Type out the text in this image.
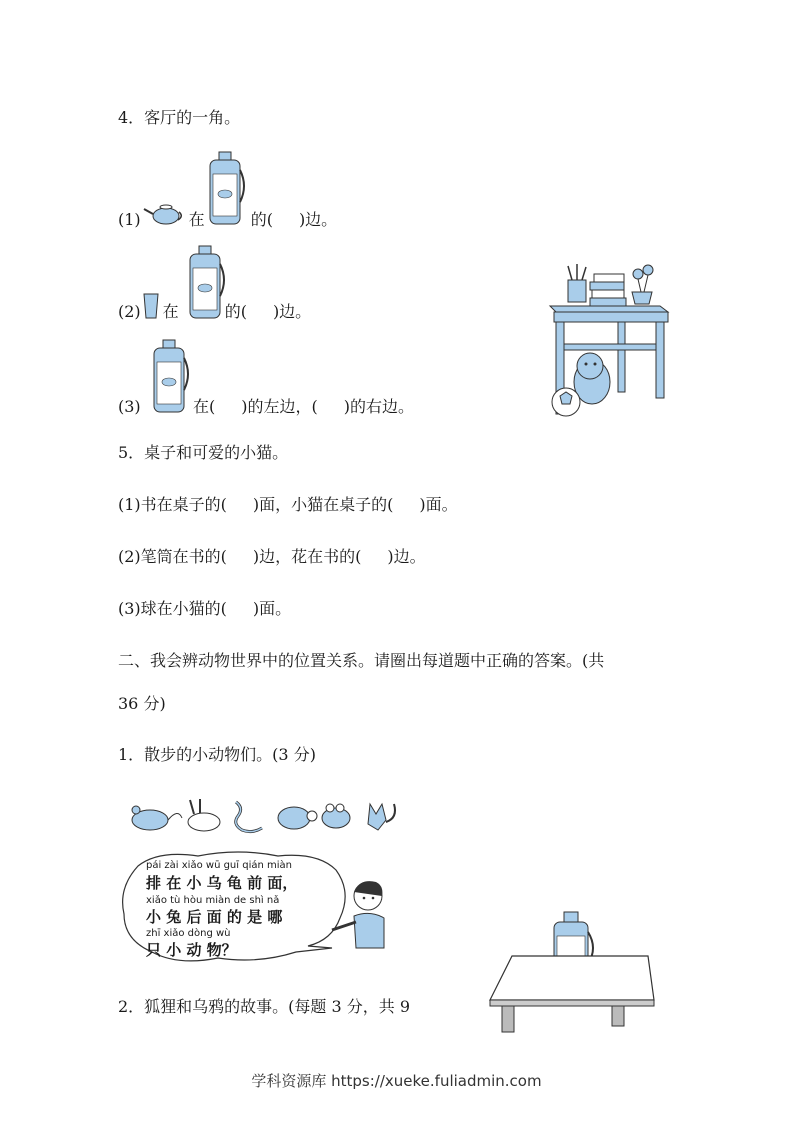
4．客厅的一角。
(1)	在	的( )边。
(2) 在	的( )边。
(3)	在( )的左边，( )的右边。
5．桌子和可爱的小猫。
(1)书在桌子的( )面，小猫在桌子的( )面。
(2)笔筒在书的( )边，花在书的( )边。
(3)球在小猫的( )面。
二、我会辨动物世界中的位置关系。请圈出每道题中正确的答案。(共
36 分)
1．散步的小动物们。(3 分)
pái zài xiǎo wū guī qián miàn
排 在 小 乌 龟 前 面，
xiǎo tù hòu miàn de shì nǎ
小 兔 后 面 的 是 哪
zhī xiǎo dòng wù
只 小 动 物？
2．狐狸和乌鸦的故事。(每题 3 分，共 9
学科资源库 https://xueke.fuliadmin.com
